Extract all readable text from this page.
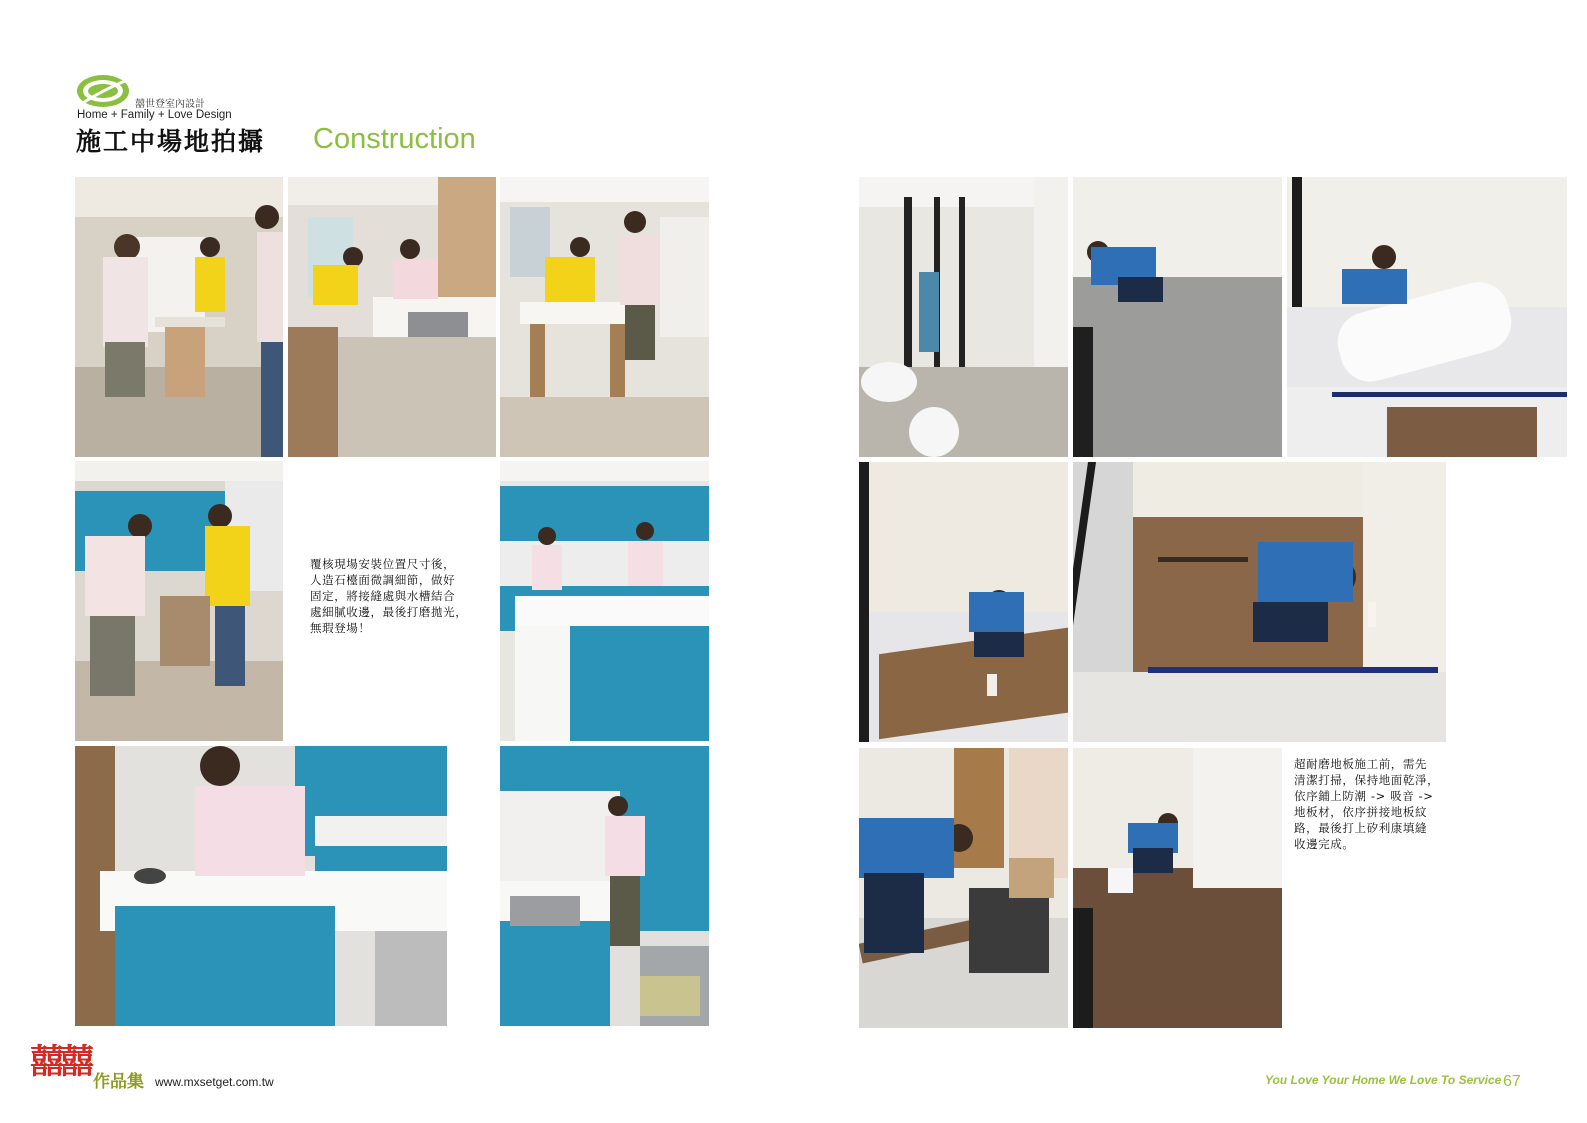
囍世登室內設計
Home + Family + Love Design
施工中場地拍攝 Construction
覆核現場安裝位置尺寸後，
人造石檯面微調細節，做好
固定，將接縫處與水槽結合
處細膩收邊，最後打磨拋光，
無瑕登場！
超耐磨地板施工前，需先
清潔打掃，保持地面乾淨，
依序鋪上防潮 -> 吸音 ->
地板材，依序拼接地板紋
路，最後打上矽利康填縫
收邊完成。
囍囍 作品集 www.mxsetget.com.tw	You Love Your Home We Love To Service 67
